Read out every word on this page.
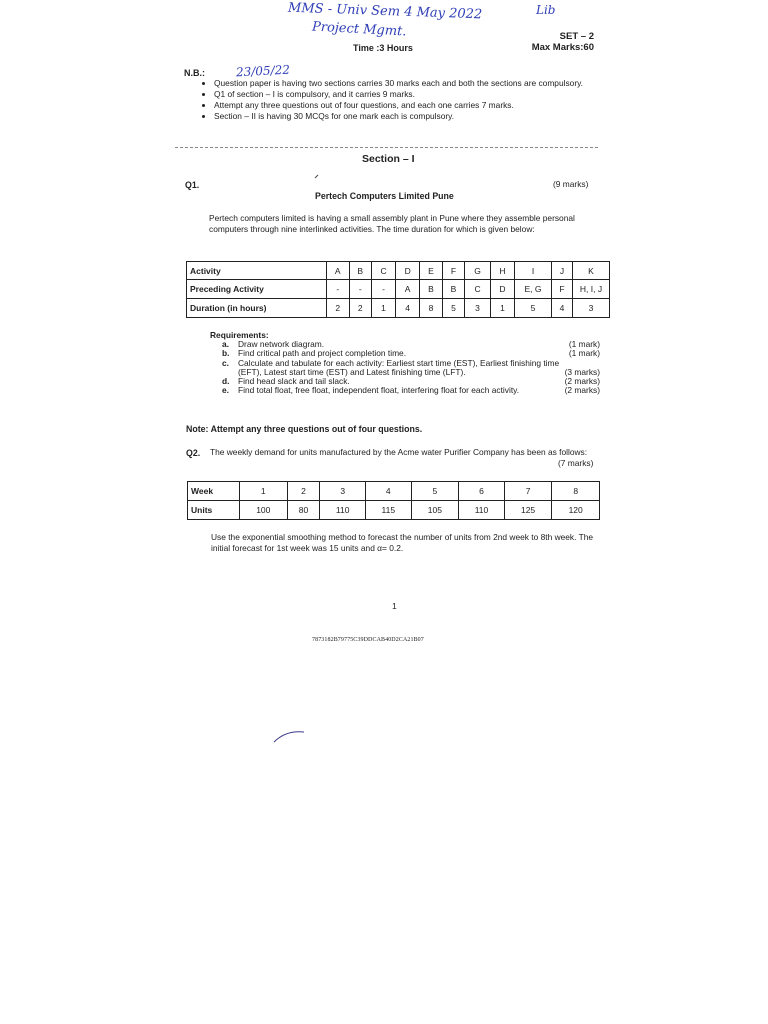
MMS - Univ Sem 4 May 2022
Project Mgmt.
Lib
23/05/22
SET – 2
Max Marks:60
Time :3 Hours
N.B.:
• Question paper is having two sections carries 30 marks each and both the sections are compulsory.
• Q1 of section – I is compulsory, and it carries 9 marks.
• Attempt any three questions out of four questions, and each one carries 7 marks.
• Section – II is having 30 MCQs for one mark each is compulsory.
Section – I
Q1.	(9 marks)
Pertech Computers Limited Pune
Pertech computers limited is having a small assembly plant in Pune where they assemble personal computers through nine interlinked activities. The time duration for which is given below:
Activity	A	B	C	D	E	F	G	H	I	J	K
Preceding Activity	-	-	-	A	B	B	C	D	E, G	F	H, I, J
Duration (in hours)	2	2	1	4	8	5	3	1	5	4	3
Requirements:
a.	(1 mark)
Draw network diagram.
b.	(1 mark)
Find critical path and project completion time.
c.
(3 marks)
Calculate and tabulate for each activity: Earliest start time (EST), Earliest finishing time (EFT), Latest start time (EST) and Latest finishing time (LFT).
d.	(2 marks)
Find head slack and tail slack.
e.	(2 marks)
Find total float, free float, independent float, interfering float for each activity.
Note: Attempt any three questions out of four questions.
Q2. The weekly demand for units manufactured by the Acme water Purifier Company has been as follows:
(7 marks)
Week	1	2	3	4	5	6	7	8
Units	100	80	110	115	105	110	125	120
Use the exponential smoothing method to forecast the number of units from 2nd week to 8th week. The initial forecast for 1st week was 15 units and α= 0.2.
1
7873182B79775C39DDCAB40D2CA21B07
